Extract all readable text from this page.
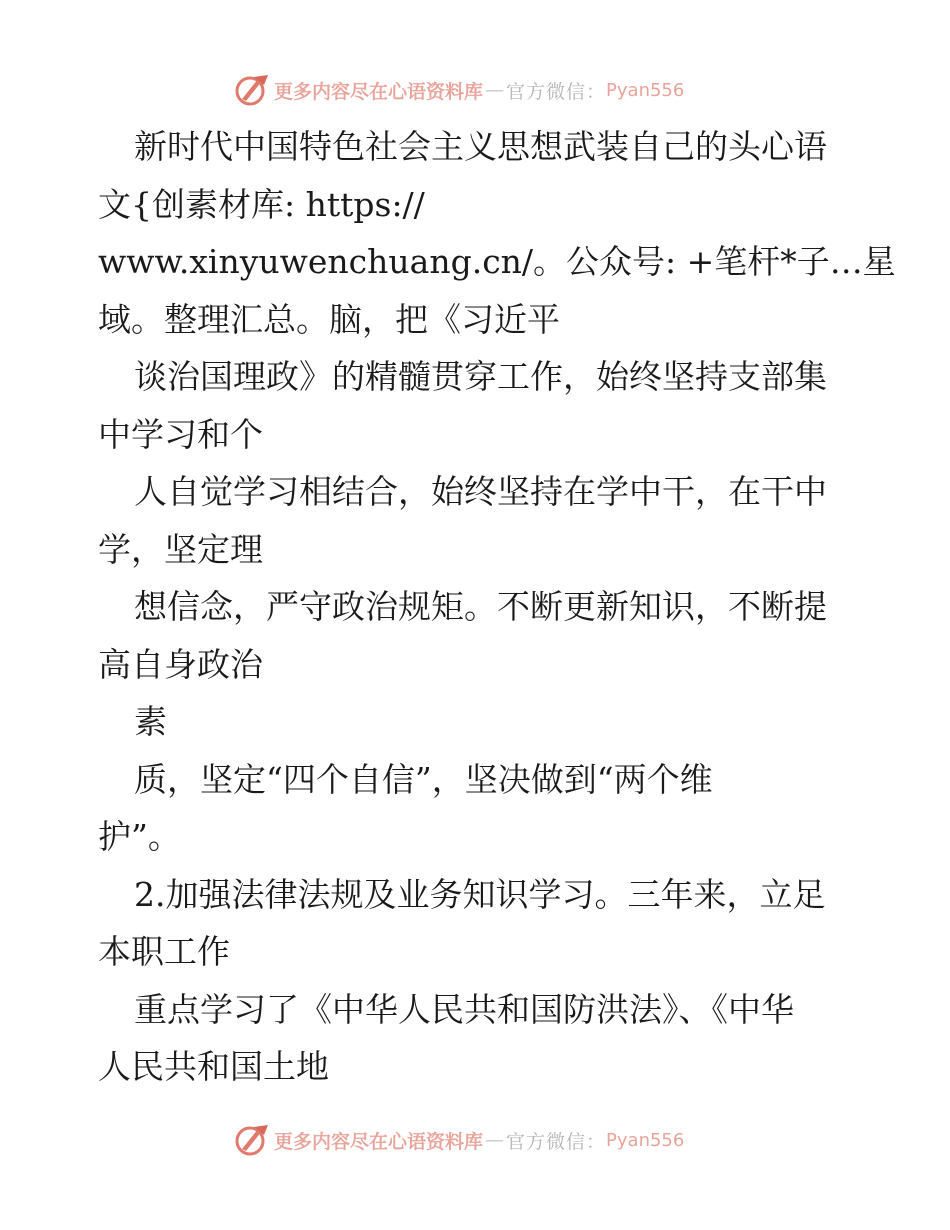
更多内容尽在心语资料库 — 官方微信： Pyan556
新时代中国特色社会主义思想武装自己的头心语
文{创素材库: https://
www.xinyuwenchuang.cn/。公众号: +笔杆*子…星
域。整理汇总。脑，把《习近平
谈治国理政》的精髓贯穿工作，始终坚持支部集
中学习和个
人自觉学习相结合，始终坚持在学中干，在干中
学，坚定理
想信念，严守政治规矩。不断更新知识，不断提
高自身政治
素
质，坚定“四个自信”，坚决做到“两个维
护”。
2.加强法律法规及业务知识学习。三年来，立足
本职工作
重点学习了《中华人民共和国防洪法》、《中华
人民共和国土地
更多内容尽在心语资料库 — 官方微信： Pyan556
